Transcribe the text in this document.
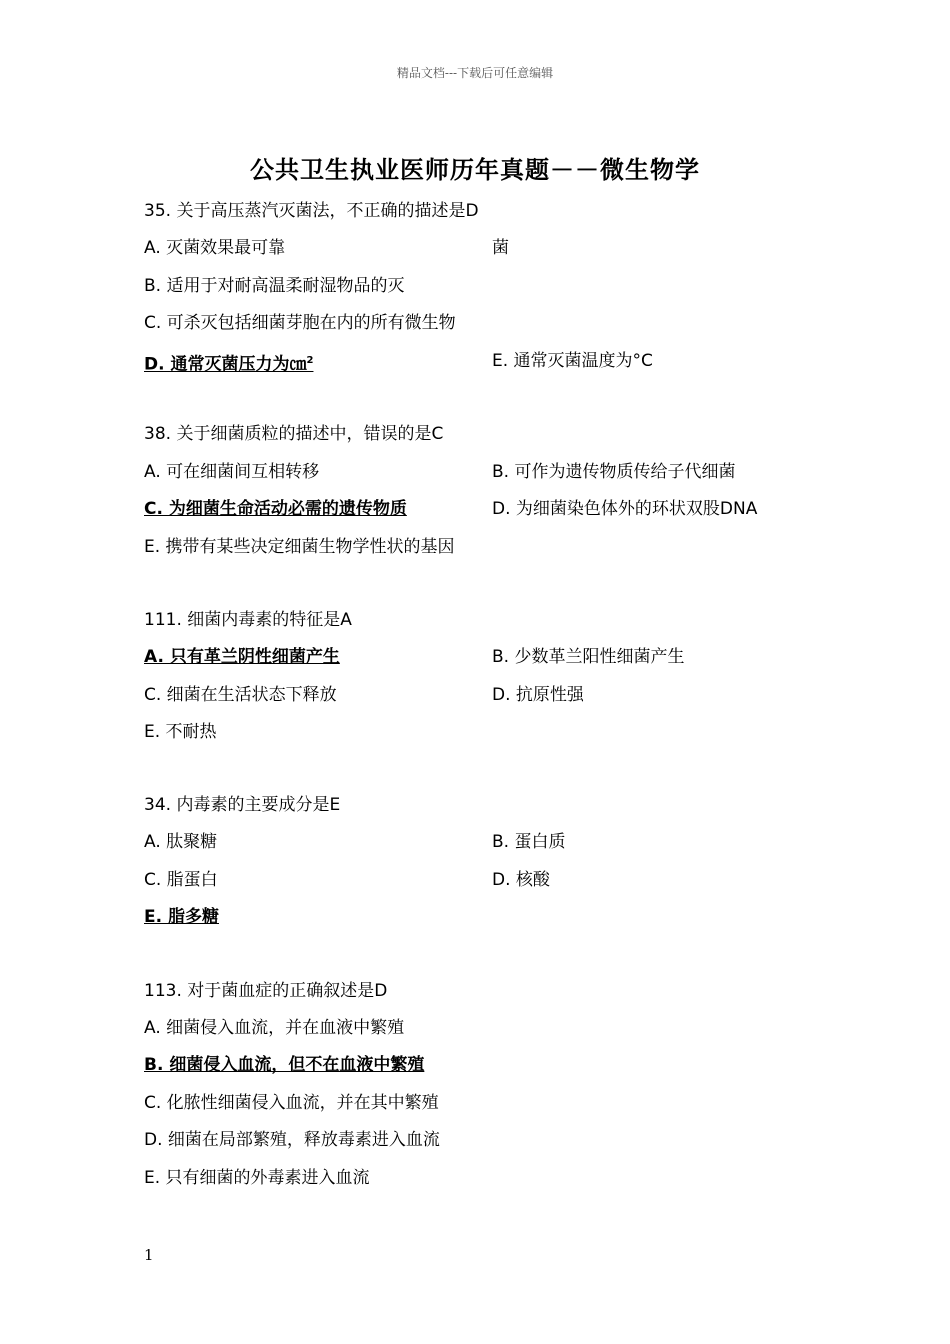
精品文档---下载后可任意编辑
公共卫生执业医师历年真题－－微生物学
35. 关于高压蒸汽灭菌法，不正确的描述是D
A. 灭菌效果最可靠	菌
B. 适用于对耐高温柔耐湿物品的灭
C. 可杀灭包括细菌芽胞在内的所有微生物
D. 通常灭菌压力为㎝$^2$	E. 通常灭菌温度为°C
38. 关于细菌质粒的描述中，错误的是C
A. 可在细菌间互相转移	B. 可作为遗传物质传给子代细菌
C. 为细菌生命活动必需的遗传物质	D. 为细菌染色体外的环状双股DNA
E. 携带有某些决定细菌生物学性状的基因
111. 细菌内毒素的特征是A
A. 只有革兰阴性细菌产生	B. 少数革兰阳性细菌产生
C. 细菌在生活状态下释放	D. 抗原性强
E. 不耐热
34. 内毒素的主要成分是E
A. 肽聚糖	B. 蛋白质
C. 脂蛋白	D. 核酸
E. 脂多糖
113. 对于菌血症的正确叙述是D
A. 细菌侵入血流，并在血液中繁殖
B. 细菌侵入血流，但不在血液中繁殖
C. 化脓性细菌侵入血流，并在其中繁殖
D. 细菌在局部繁殖，释放毒素进入血流
E. 只有细菌的外毒素进入血流
1
